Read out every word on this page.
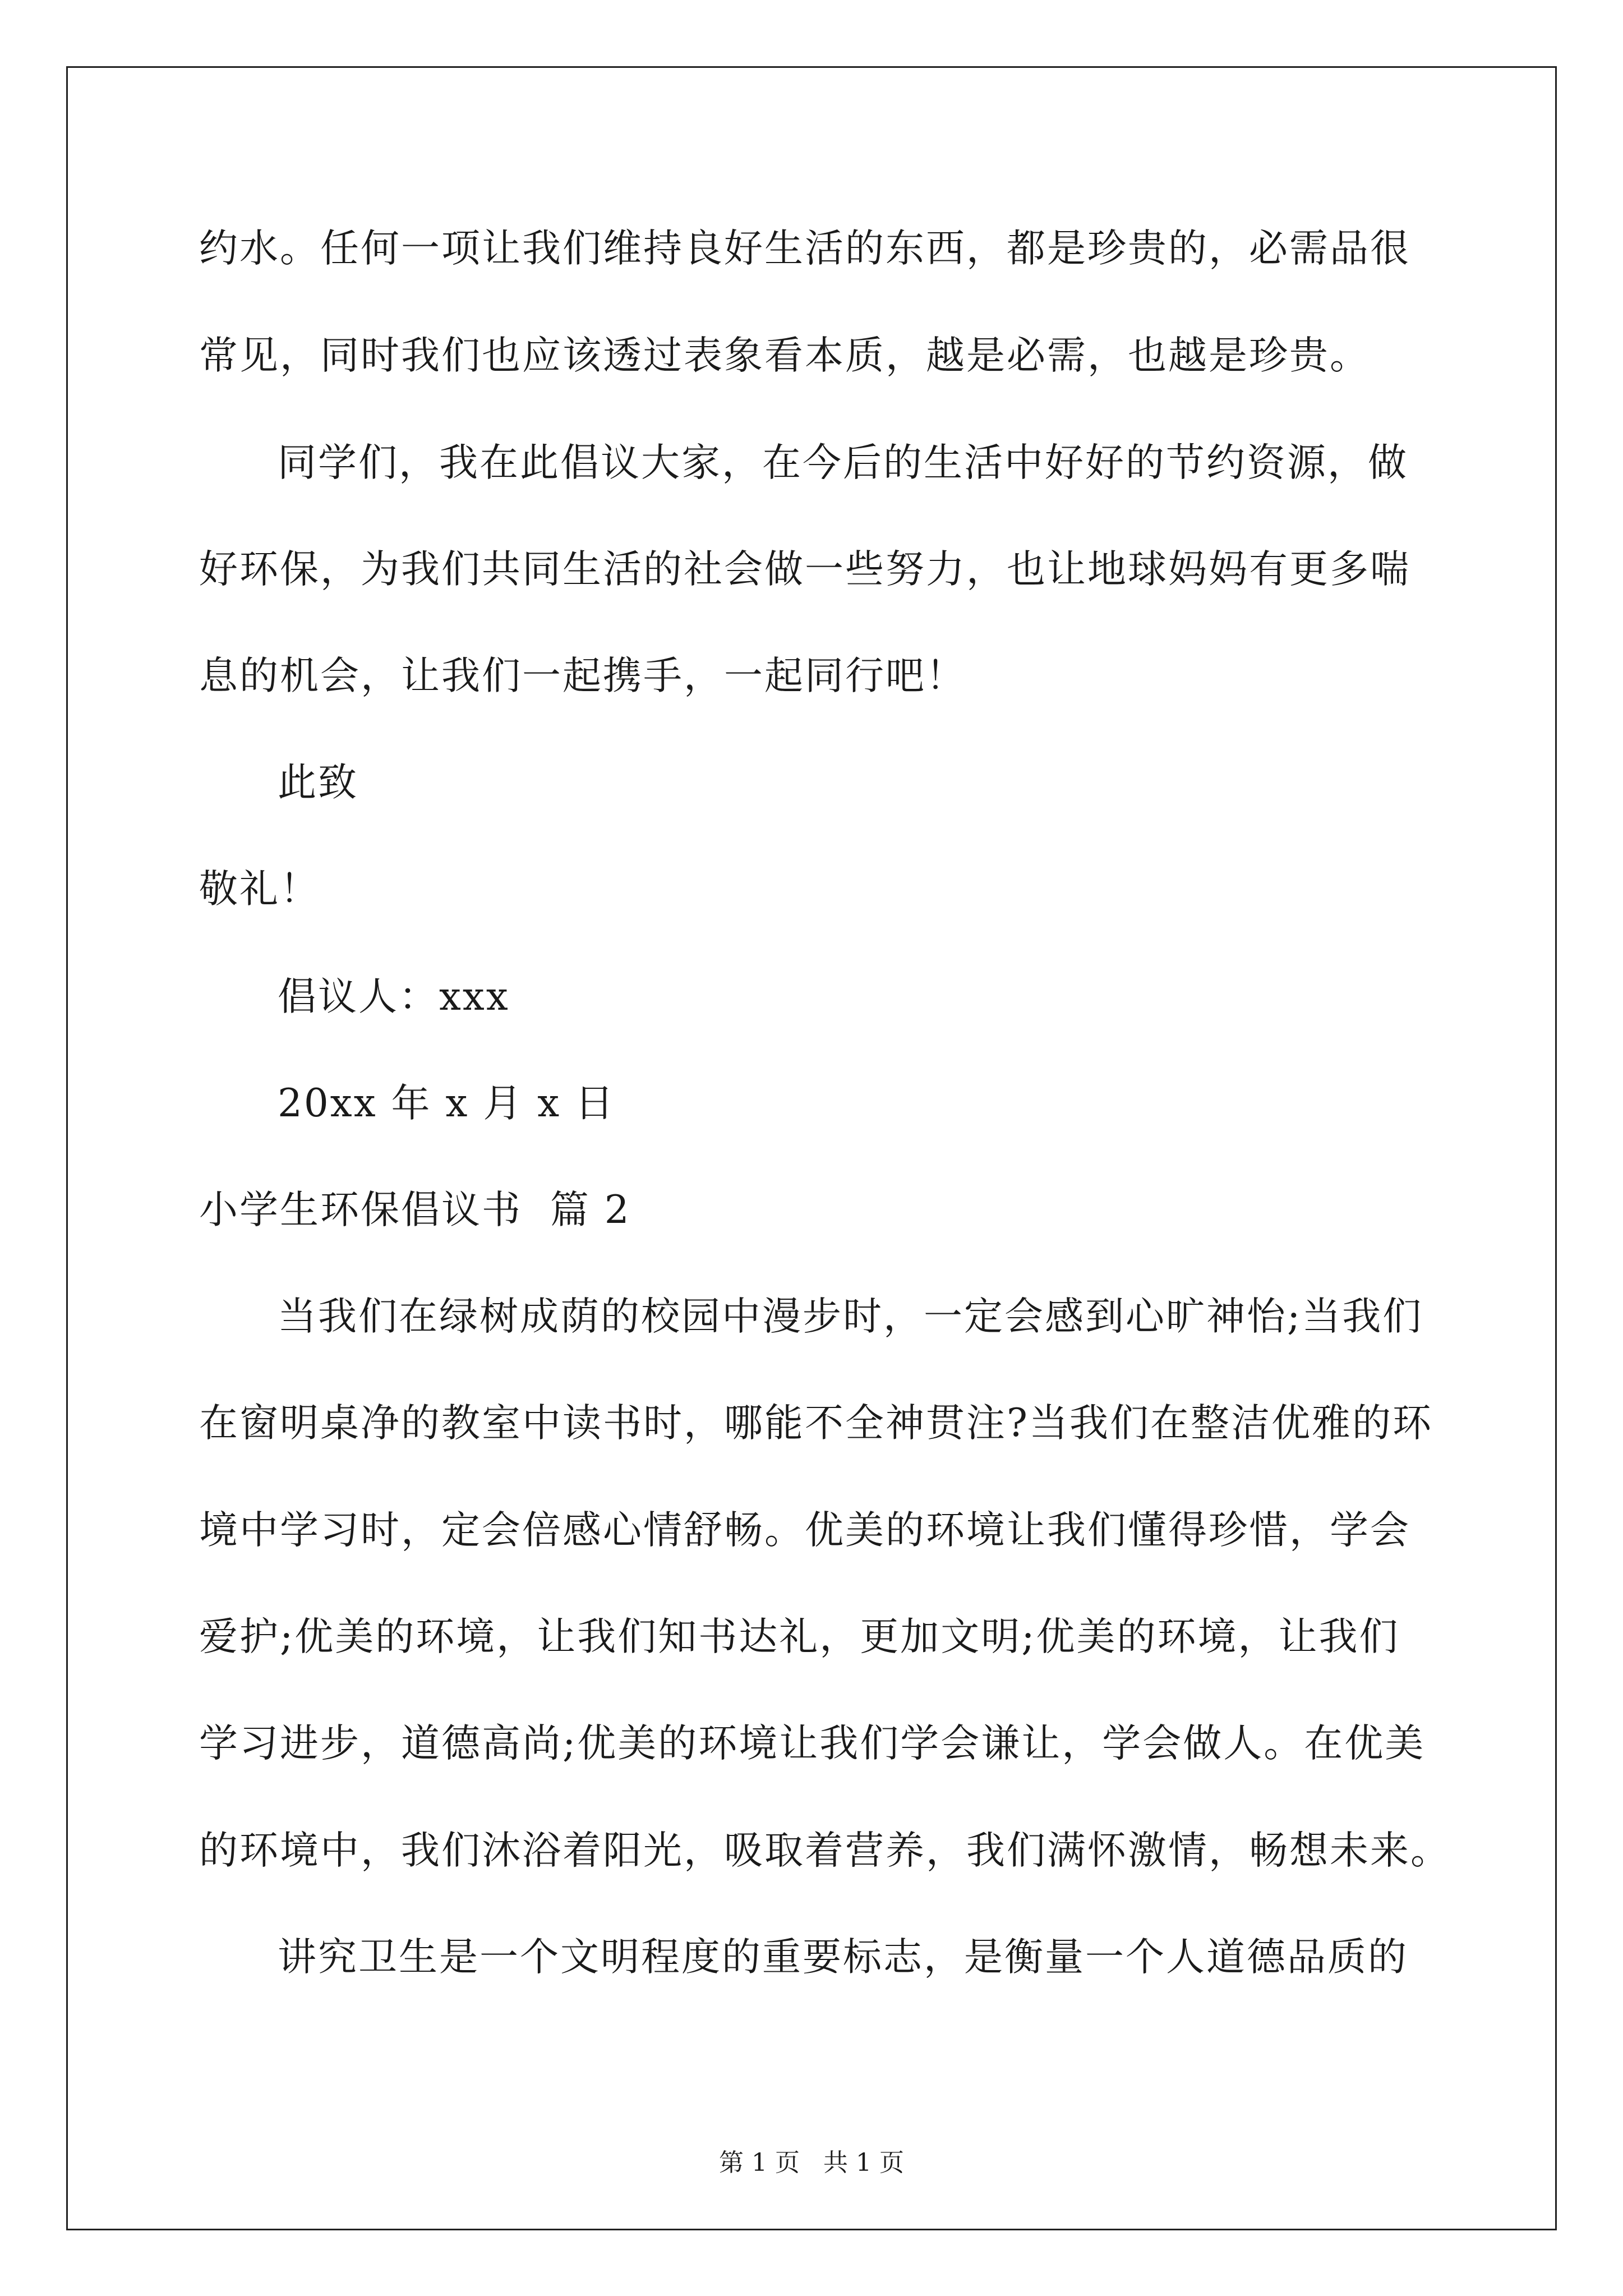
约水。任何一项让我们维持良好生活的东西，都是珍贵的，必需品很

常见，同时我们也应该透过表象看本质，越是必需，也越是珍贵。

同学们，我在此倡议大家，在今后的生活中好好的节约资源，做

好环保，为我们共同生活的社会做一些努力，也让地球妈妈有更多喘

息的机会，让我们一起携手，一起同行吧！

此致

敬礼！

倡议人：xxx

20xx 年 x 月 x 日

小学生环保倡议书  篇 2

当我们在绿树成荫的校园中漫步时，一定会感到心旷神怡;当我们

在窗明桌净的教室中读书时，哪能不全神贯注?当我们在整洁优雅的环

境中学习时，定会倍感心情舒畅。优美的环境让我们懂得珍惜，学会

爱护;优美的环境，让我们知书达礼，更加文明;优美的环境，让我们

学习进步，道德高尚;优美的环境让我们学会谦让，学会做人。在优美

的环境中，我们沐浴着阳光，吸取着营养，我们满怀激情，畅想未来。

讲究卫生是一个文明程度的重要标志，是衡量一个人道德品质的

第 1 页   共 1 页
